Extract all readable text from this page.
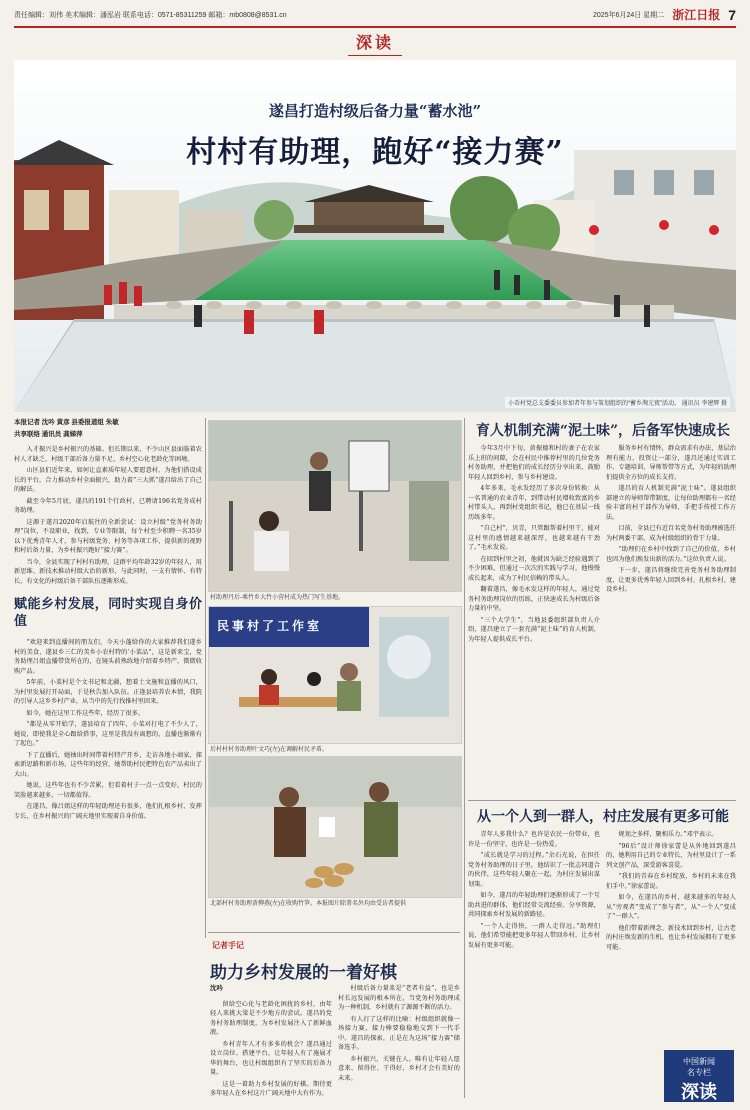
责任编辑：刘伟 美术编辑：潘泓岩 联系电话：0571-85311259 邮箱：mb0808@8531.cn	2025年6月24日 星期二 浙江日报 7
深读
遂昌打造村级后备力量“蓄水池”
村村有助理，跑好“接力赛”
小岙村党总支委委员参加者年参与策划组织的“蓄乡淘元夜”活动。 通讯员 李建辉 摄
本报记者 沈吟 黄彦 县委报道组 朱敏
共享联络 通讯员 龚娣萍

入才振兴是乡村振兴的基础。但长期以来，不少山区县面临着农村人才缺乏、村级干部后备力量不足、乡村空心化老龄化等困境。

山区县们近年来，如何让直素质年轻人要愿意村，为他们搭设成长的平台，合力推动乡村全面振兴，助力着“三大抓”遂昌给出了自己的解法。

截至今年5月底，遂昌的191个行政村，已聘请196名党务成村务助理。

这源于遂昌2020年启航往的全新尝试：设立村级“党务村务助理”岗位，不设职业，找到，专业等限制，每个村至少积聘一名35岁以下优秀青年人才，参与村级党务、村务等各项工作，提供新的视野和村后备力量，为乡村振兴跑好“接力赛”。

当今，全县实现了村村有助理，这群平均年龄32岁的年轻人，用新思维、新技术推动村级大治的新形，与此同时，一支有情怀、有特长、有文化的村级后备干部队伍逐渐形成。

赋能乡村发展，同时实现自身价值

“欢迎来到直播间的朋友们，今天小蓬给你的大家推荐我们遂乡村的美食，遂县乡三仁的美乡小农村特的‘小菜品”，这是新来宝，党务助理吕姐直播带货所在的，在镜头前熟练地介绍着乡特产，微微收购产品。

5年前，小菜村是个文书记和北疆，想着土文施和直播的风口，为村里发展打开局面，于是秋告加入队伍。正逢县培养农本情，我院的引导人这乡乡村产业，从当中的先行找推村里回来。

如今，她在这里工作这些年，经历了很多。

“都是从零开始学，遂县培育了四年，小菜对打电了不少人了，她说，即使我是全心跟给搭事，这里是我没有离想的，直播也渐渐有了起色。”

下了直播后，她抽出时间带着村特产开乡，走访各地小商家，探索新思路和新市场，这些年的经营，她帮助村民把特色农产品卖出了大山。

她说，这些年也有不少苦累，但看着村子一点一点变好，村民的笑脸越来越多，一切都值得。

在遂昌，像吕姐这样的年轻助理还有很多，他们扎根乡村、发挥专长，在乡村振兴的广阔天地里实现着自身价值。

村助理丹后-乘竹乡大竹小营村成为热门写生基地。
民事村了工作室
后村村村务助理叶文巧(左)在调解村民矛盾。
北部村村务助理黄柳燕(左)在收购竹笋。 本报图片除署名外均由受访者提供
育人机制充满“泥土味”，后备军快速成长

今年3月中下旬，黄振德和村的妻子在农家乐上班的间隙，会在村民中推荐村里的几位党务村务助理，并把他们的成长经历分享出来，鼓励年轻人回到乡村，参与乡村建设。

4年多来，毛永发经历了多次身份转换：从一名普通的农业青年，到带动村民增收致富的乡村带头人，再到村党组织书记，他已在基层一线历练多年。

“自己村”，贝青，只管跟帮着村里干，能对这村里的感情越来越深厚，也越来越有干劲了。”毛永发说。

在回到村里之初，他就因为缺乏经验遇到了不少困难，但通过一次次的实践与学习，他慢慢成长起来，成为了村民信赖的带头人。

翻着遂昌，像毛永发这样的年轻人，通过党务村务助理岗位的历练，正快速成长为村级后备力量的中坚。

“三个大学生”，当地县委组织部负责人介绍，遂昌建立了一套充满“泥土味”的育人机制，为年轻人提供成长平台。

服务乡村有情怀，群众需求有办法，基层治理有能力，投资让一部分，遂昌还通过实训工作、专题培训、导师帮带等方式，为年轻的助理们提供全方位的成长支持。

遂昌的育人机制充满“泥土味”。遂县组织部建立的导师帮带制度，让每位助理都有一名经验丰富的村干部作为导师，手把手传授工作方法。

目前，全县已有近百名党务村务助理被选任为村两委干部，成为村级组织的骨干力量。

“助理们在乡村中找到了自己的价值，乡村也因为他们焕发出新的活力。”这位负责人说。

下一步，遂昌将继续完善党务村务助理制度，让更多优秀年轻人回到乡村、扎根乡村、建设乡村。

从一个人到一群人，村庄发展有更多可能

青年人多我什么？也许是农民一份带业，也许是一份坚守，也许是一份热爱。

“成长就是学习的过程。”余石光说，在担任党务村务助理的日子里，他结识了一批志同道合的伙伴，这些年轻人聚在一起，为村庄发展出谋划策。

如今，遂昌的年轻助理们逐渐形成了一个互助共进的群体，他们经常交流经验、分享资源，共同探索乡村发展的新路径。

“一个人走得快，一群人走得远。”助理们说，他们希望能把更多年轻人带回乡村，让乡村发展有更多可能。

规划之多样，聚相乐力。”邓宇表示。

“96后”设计师徐家蕾是从外地回到遂昌的，她利用自己的专业特长，为村里设计了一系列文创产品，深受游客喜爱。

“我们的青春在乡村绽放，乡村的未来在我们手中。”徐家蕾说。

如今，在遂昌的乡村，越来越多的年轻人从“旁观者”变成了“参与者”，从“一个人”变成了“一群人”。

他们带着新理念、新技术回到乡村，让古老的村庄焕发新的生机，也让乡村发展拥有了更多可能。

记者手记
助力乡村发展的一着好棋
沈吟

留给空心化与老龄化困扰的乡村，由年轻人来挑大梁是不少地方的尝试。遂昌的党务村务助理制度，为乡村发展注入了新鲜血液。

乡村青年人才有多多的机会？遂昌通过设立岗位、搭建平台，让年轻人有了施展才华的舞台，也让村级组织有了坚实的后备力量。

这是一着助力乡村发展的好棋。期待更多年轻人在乡村这片广阔天地中大有作为。

村级后备力量来是“老者有益”，也是乡村长远发展的根本所在，当党务村务助理成为一种机制，乡村就有了源源不断的活力。

有人打了这样的比喻：村级组织就像一场接力赛，接力棒要稳稳地交到下一代手中。遂昌的探索，正是在为这场“接力赛”储备选手。

乡村振兴，关键在人。唯有让年轻人愿意来、留得住、干得好，乡村才会有美好的未来。

中国新闻
名专栏
深读
